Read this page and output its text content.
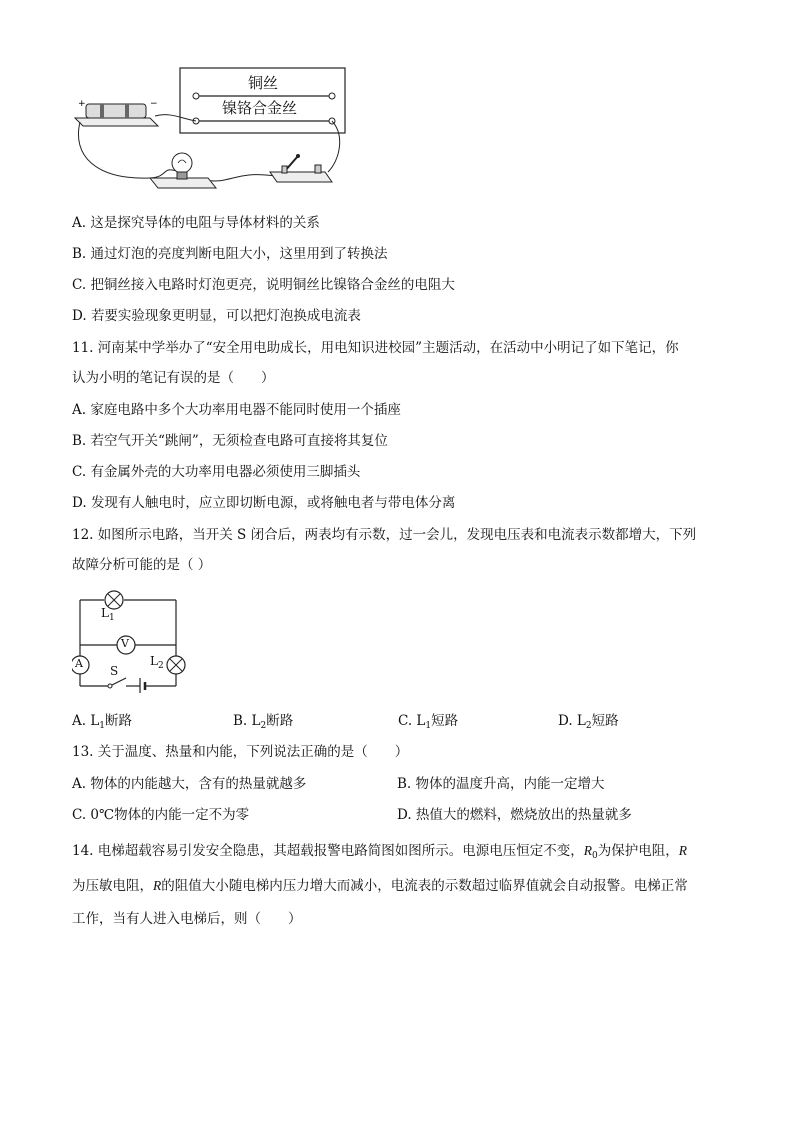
+	−
铜丝
镍铬合金丝
A. 这是探究导体的电阻与导体材料的关系
B. 通过灯泡的亮度判断电阻大小，这里用到了转换法
C. 把铜丝接入电路时灯泡更亮，说明铜丝比镍铬合金丝的电阻大
D. 若要实验现象更明显，可以把灯泡换成电流表
11. 河南某中学举办了“安全用电助成长，用电知识进校园”主题活动，在活动中小明记了如下笔记，你
认为小明的笔记有误的是（　　）
A. 家庭电路中多个大功率用电器不能同时使用一个插座
B. 若空气开关“跳闸”，无须检查电路可直接将其复位
C. 有金属外壳的大功率用电器必须使用三脚插头
D. 发现有人触电时，应立即切断电源，或将触电者与带电体分离
12. 如图所示电路，当开关 S 闭合后，两表均有示数，过一会儿，发现电压表和电流表示数都增大，下列
故障分析可能的是（ ）
$L_1$
V
A
S
$L_2$
A. $L_1$断路	B. $L_2$断路	C. $L_1$短路	D. $L_2$短路
13. 关于温度、热量和内能，下列说法正确的是（　　）
A. 物体的内能越大，含有的热量就越多	B. 物体的温度升高，内能一定增大
C. 0℃物体的内能一定不为零	D. 热值大的燃料，燃烧放出的热量就多
14. 电梯超载容易引发安全隐患，其超载报警电路简图如图所示。电源电压恒定不变，$R_0$为保护电阻，R
为压敏电阻，R的阻值大小随电梯内压力增大而减小，电流表的示数超过临界值就会自动报警。电梯正常
工作，当有人进入电梯后，则（　　）
